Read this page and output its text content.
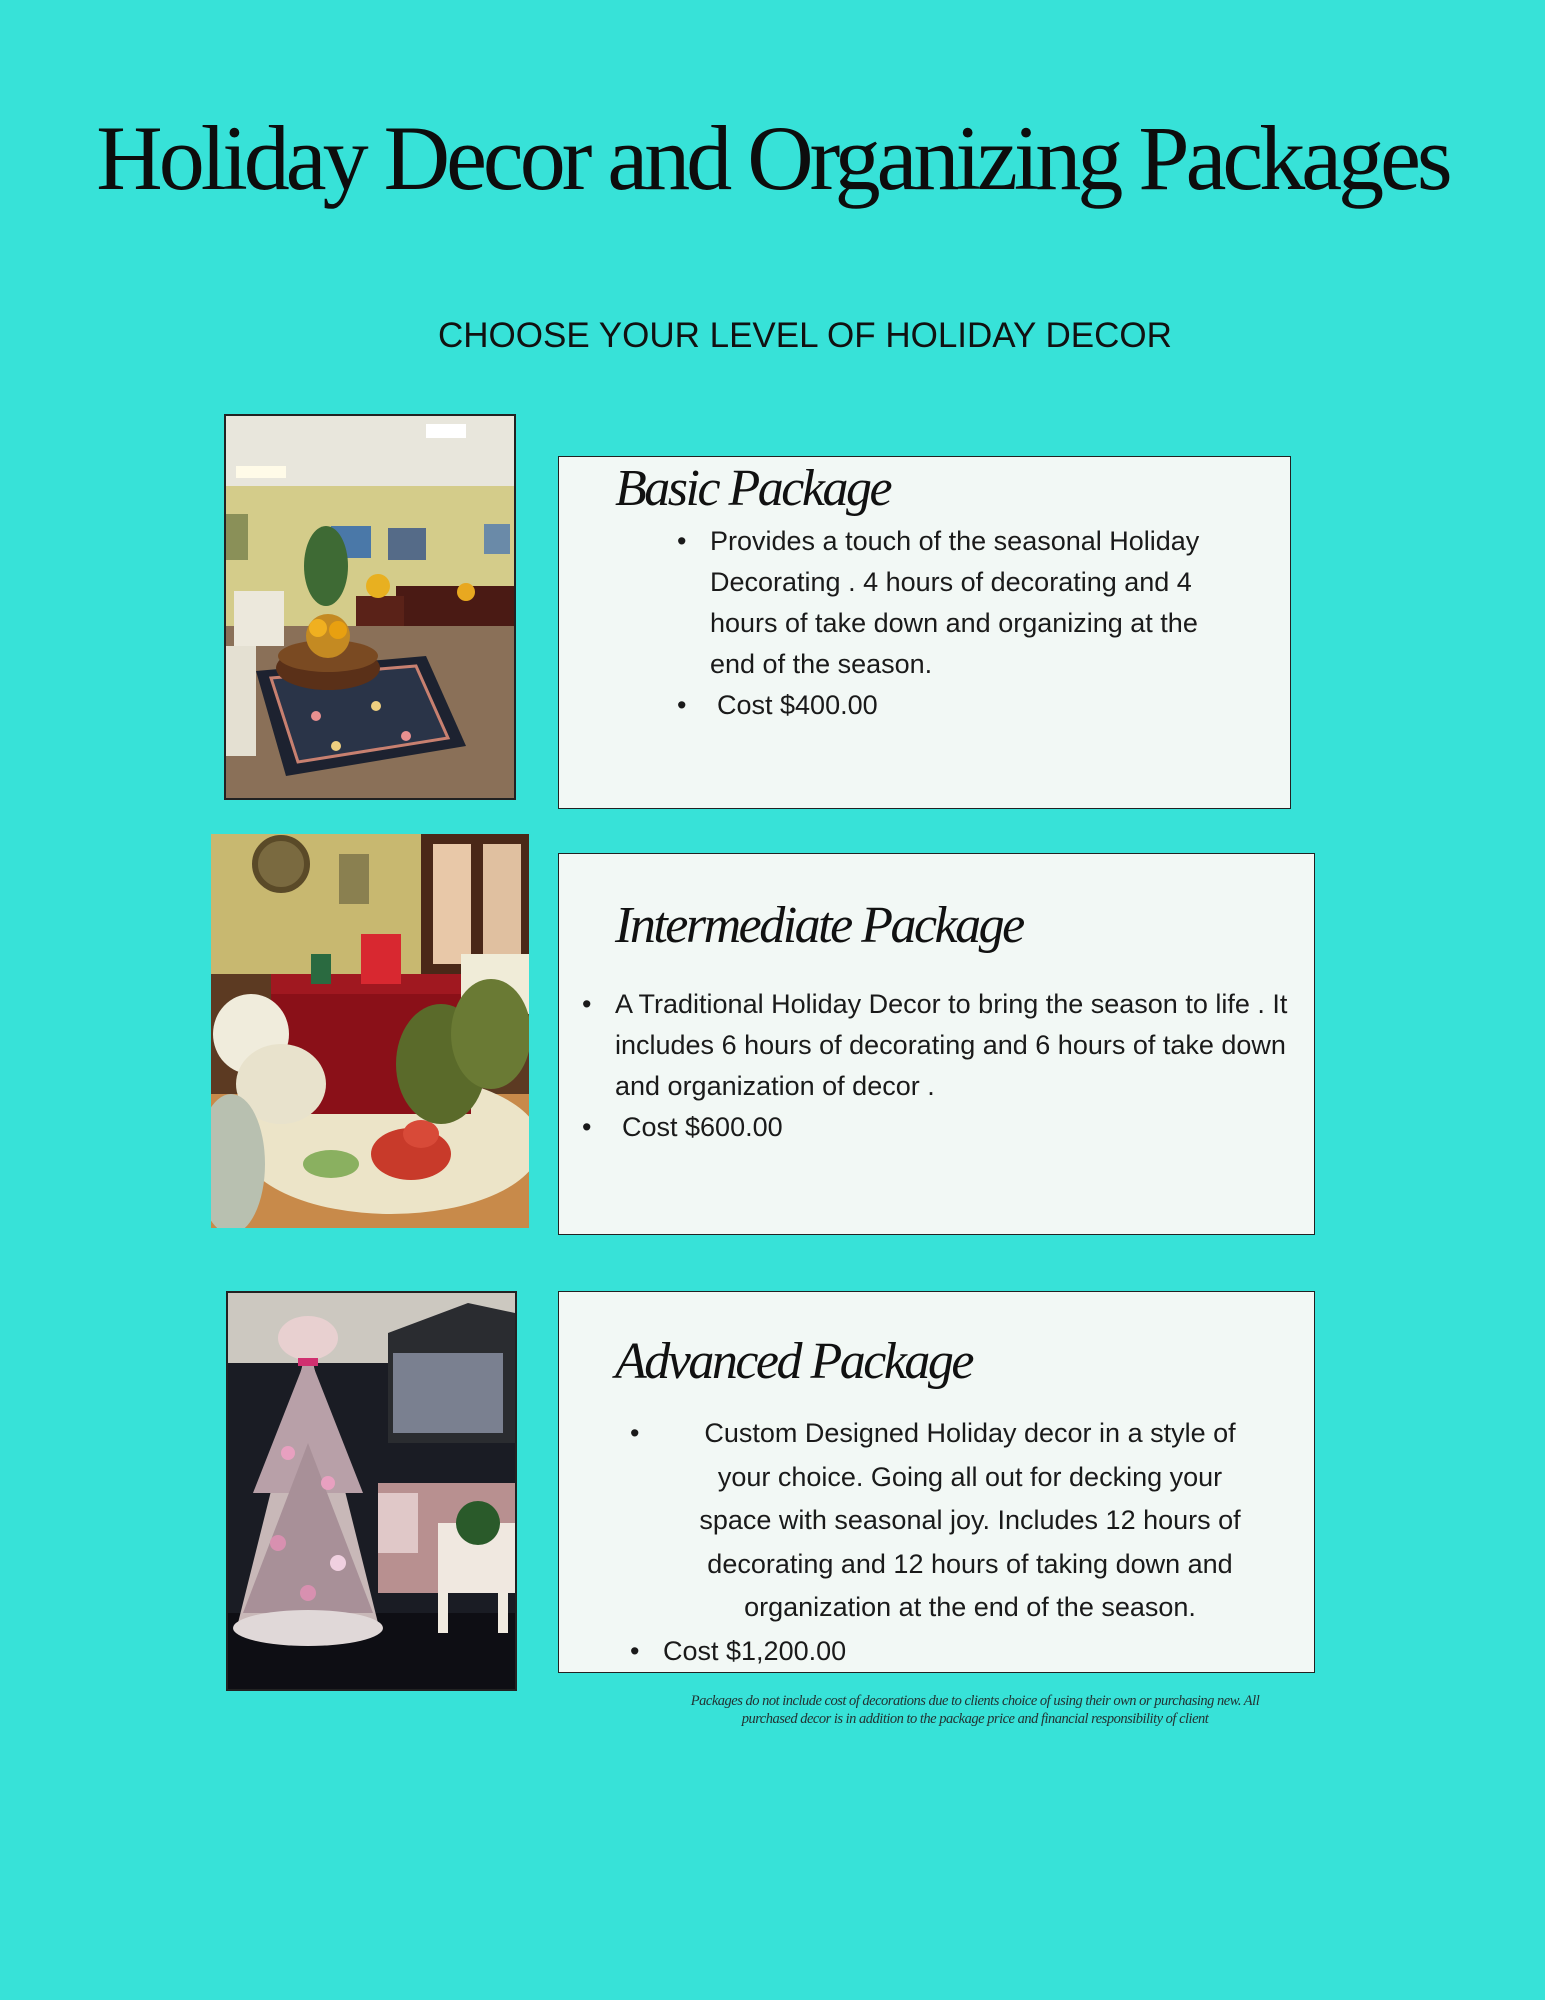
Holiday Decor and Organizing Packages
CHOOSE YOUR LEVEL OF HOLIDAY DECOR
Basic Package
• Provides a touch of the seasonal Holiday Decorating . 4 hours of decorating and 4 hours of take down and organizing at the end of the season.
• Cost $400.00
Intermediate Package
• A Traditional Holiday Decor to bring the season to life . It includes 6 hours of decorating and 6 hours of take down and organization of decor .
• Cost $600.00
Advanced Package
• Custom Designed Holiday decor in a style of your choice. Going all out for decking your space with seasonal joy. Includes 12 hours of decorating and 12 hours of taking down and organization at the end of the season.
• Cost $1,200.00
Packages do not include cost of decorations due to clients choice of using their own or purchasing new. All purchased decor is in addition to the package price and financial responsibility of client
